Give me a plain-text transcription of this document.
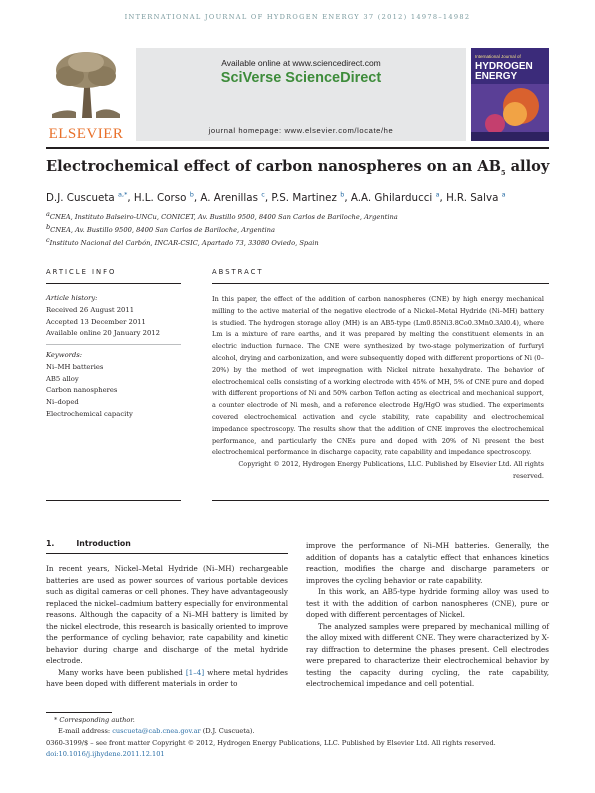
INTERNATIONAL JOURNAL OF HYDROGEN ENERGY 37 (2012) 14978–14982
ELSEVIER
Available online at www.sciencedirect.com
SciVerse ScienceDirect
journal homepage: www.elsevier.com/locate/he
International Journal of
HYDROGEN ENERGY
Electrochemical effect of carbon nanospheres on an $AB_5$ alloy
D.J. Cuscueta $^{a,*}$, H.L. Corso $^b$, A. Arenillas $^c$, P.S. Martinez $^b$, A.A. Ghilarducci $^a$, H.R. Salva $^a$
$^a$CNEA, Instituto Balseiro-UNCu, CONICET, Av. Bustillo 9500, 8400 San Carlos de Bariloche, Argentina
$^b$CNEA, Av. Bustillo 9500, 8400 San Carlos de Bariloche, Argentina
$^c$Instituto Nacional del Carbón, INCAR-CSIC, Apartado 73, 33080 Oviedo, Spain
ARTICLE INFO	ABSTRACT
Article history:
Received 26 August 2011
Accepted 13 December 2011
Available online 20 January 2012
Keywords:
Ni–MH batteries
AB5 alloy
Carbon nanospheres
Ni–doped
Electrochemical capacity
In this paper, the effect of the addition of carbon nanospheres (CNE) by high energy mechanical milling to the active material of the negative electrode of a Nickel–Metal Hydride (Ni–MH) battery is studied. The hydrogen storage alloy (MH) is an AB5-type (Lm0.85Ni3.8Co0.3Mn0.3Al0.4), where Lm is a mixture of rare earths, and it was prepared by melting the constituent elements in an electric induction furnace. The CNE were synthesized by two-stage polymerization of furfuryl alcohol, drying and carbonization, and were subsequently doped with different proportions of Ni (0–20%) by the method of wet impregnation with Nickel nitrate hexahydrate. The behavior of electrochemical cells consisting of a working electrode with 45% of MH, 5% of CNE pure and doped with different proportions of Ni and 50% carbon Teflon acting as electrical and mechanical support, a counter electrode of Ni mesh, and a reference electrode Hg/HgO was studied. The experiments covered electrochemical activation and cycle stability, rate capability and electrochemical impedance spectroscopy. The results show that the addition of CNE improves the electrochemical performance, and particularly the CNEs pure and doped with 20% of Ni present the best electrochemical performance in discharge capacity, rate capability and impedance spectroscopy.
Copyright © 2012, Hydrogen Energy Publications, LLC. Published by Elsevier Ltd. All rights reserved.
1.	Introduction

In recent years, Nickel–Metal Hydride (Ni–MH) rechargeable batteries are used as power sources of various portable devices such as digital cameras or cell phones. They have advantageously replaced the nickel–cadmium battery especially for environmental reasons. Although the capacity of a Ni–MH battery is limited by the nickel electrode, this research is basically oriented to improve the performance of cycling behavior, rate capability and kinetic behavior during charge and discharge of the metal hydride electrode.

Many works have been published [1–4] where metal hydrides have been doped with different materials in order to

improve the performance of Ni–MH batteries. Generally, the addition of dopants has a catalytic effect that enhances kinetics reaction, modifies the charge and discharge parameters or improves the cycling behavior or rate capability.

In this work, an AB5-type hydride forming alloy was used to test it with the addition of carbon nanospheres (CNE), pure or doped with different percentages of Nickel.

The analyzed samples were prepared by mechanical milling of the alloy mixed with different CNE. They were characterized by X-ray diffraction to determine the phases present. Cell electrodes were prepared to characterize their electrochemical behavior by testing the capacity during cycling, the rate capability, electrochemical impedance and cell potential.

* Corresponding author.
E-mail address: cuscueta@cab.cnea.gov.ar (D.J. Cuscueta).
0360-3199/$ – see front matter Copyright © 2012, Hydrogen Energy Publications, LLC. Published by Elsevier Ltd. All rights reserved.
doi:10.1016/j.ijhydene.2011.12.101
